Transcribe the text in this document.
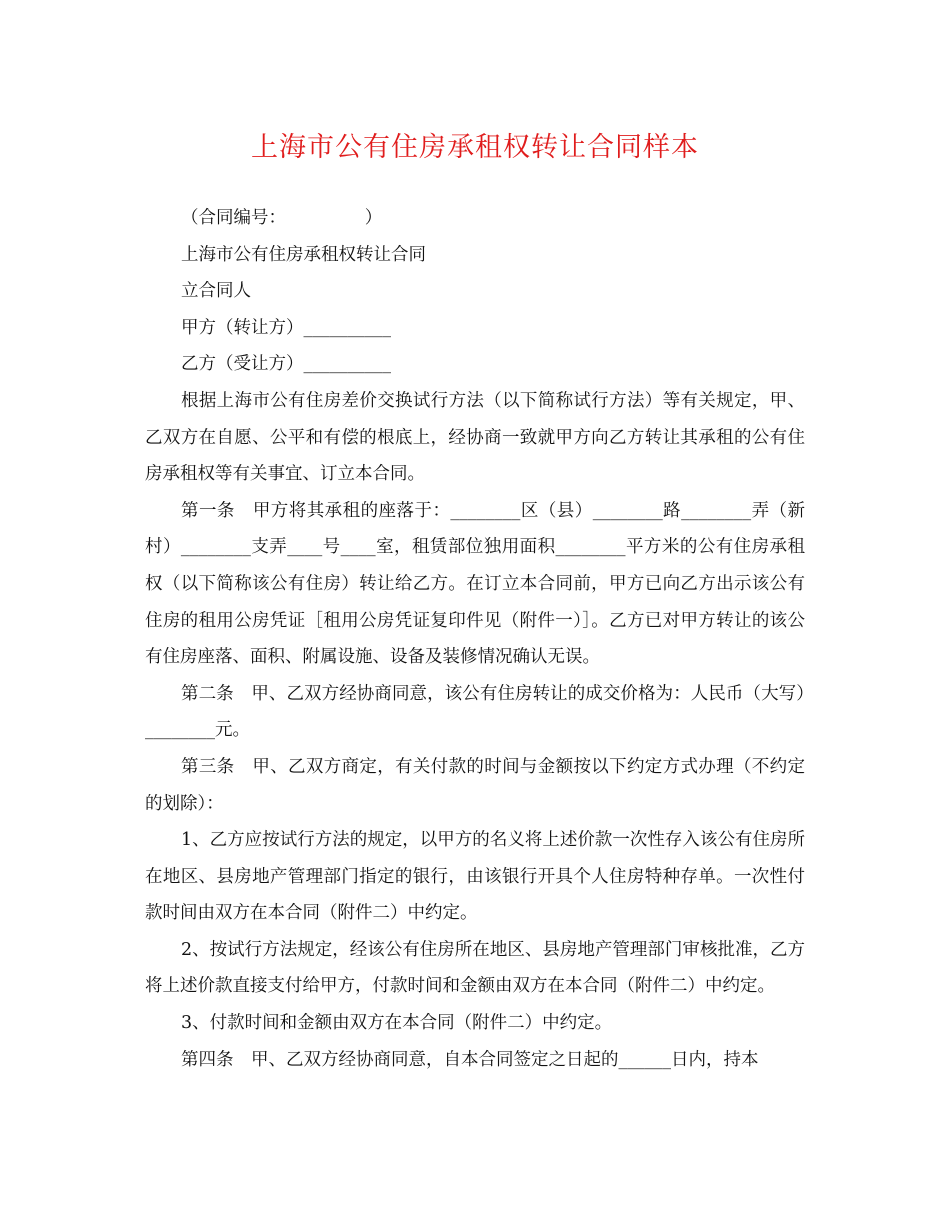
上海市公有住房承租权转让合同样本

（合同编号：　　　　　）

上海市公有住房承租权转让合同

立合同人

甲方（转让方）__________

乙方（受让方）__________

根据上海市公有住房差价交换试行方法（以下简称试行方法）等有关规定，甲、乙双方在自愿、公平和有偿的根底上，经协商一致就甲方向乙方转让其承租的公有住房承租权等有关事宜、订立本合同。

第一条　甲方将其承租的座落于：________区（县）________路________弄（新村）________支弄____号____室，租赁部位独用面积________平方米的公有住房承租权（以下简称该公有住房）转让给乙方。在订立本合同前，甲方已向乙方出示该公有住房的租用公房凭证［租用公房凭证复印件见（附件一）］。乙方已对甲方转让的该公有住房座落、面积、附属设施、设备及装修情况确认无误。

第二条　甲、乙双方经协商同意，该公有住房转让的成交价格为：人民币（大写）________元。

第三条　甲、乙双方商定，有关付款的时间与金额按以下约定方式办理（不约定的划除）：

1、乙方应按试行方法的规定，以甲方的名义将上述价款一次性存入该公有住房所在地区、县房地产管理部门指定的银行，由该银行开具个人住房特种存单。一次性付款时间由双方在本合同（附件二）中约定。

2、按试行方法规定，经该公有住房所在地区、县房地产管理部门审核批准，乙方将上述价款直接支付给甲方，付款时间和金额由双方在本合同（附件二）中约定。

3、付款时间和金额由双方在本合同（附件二）中约定。

第四条　甲、乙双方经协商同意，自本合同签定之日起的______日内，持本
